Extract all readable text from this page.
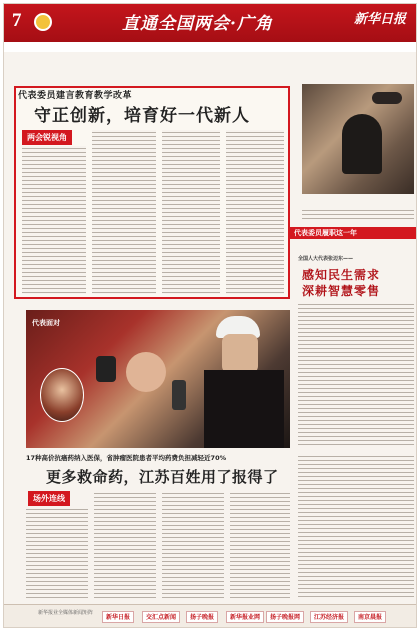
7	直通全国两会·广角	新华日报
代表委员建言教育教学改革
守正创新，培育好一代新人
两会锐视角
代表委员履职这一年
全国人大代表张迈东——
感知民生需求
深耕智慧零售
代表面对
17种高价抗癌药纳入医保，省肿瘤医院患者平均药费负担减轻近70%
更多救命药，江苏百姓用了报得了
场外连线
新华报业全媒体新闻矩阵
新华日报	交汇点新闻	扬子晚报	新华报业网	扬子晚报网	江苏经济报	南京晨报
